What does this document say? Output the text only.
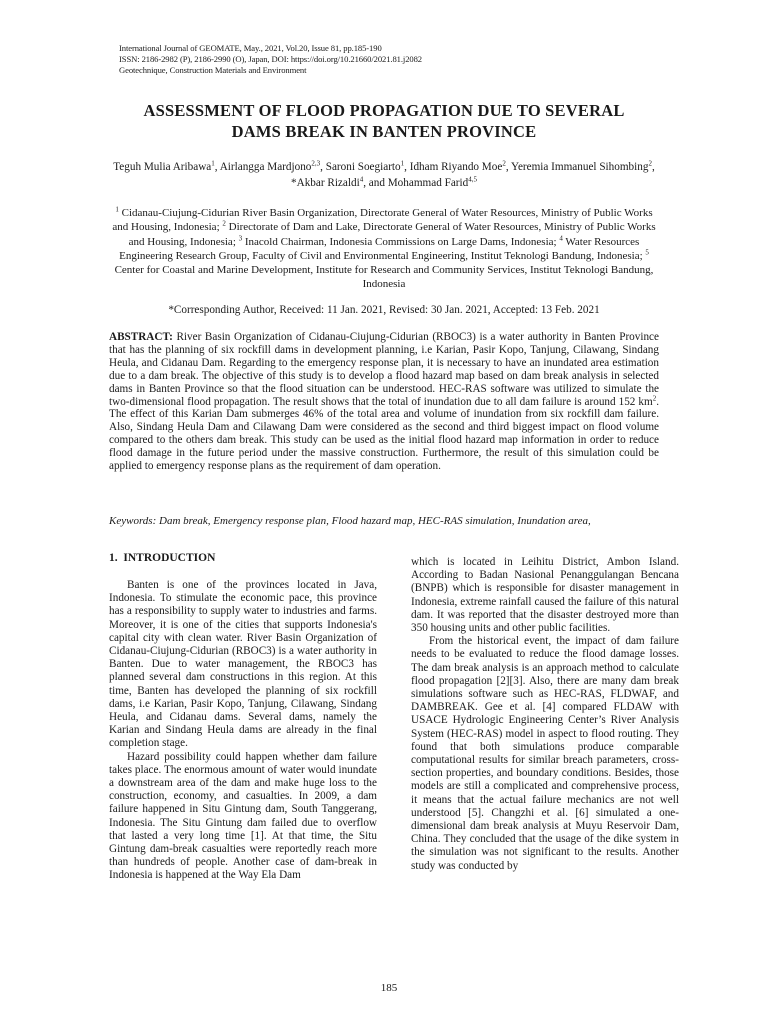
International Journal of GEOMATE, May., 2021, Vol.20, Issue 81, pp.185-190
ISSN: 2186-2982 (P), 2186-2990 (O), Japan, DOI: https://doi.org/10.21660/2021.81.j2082
Geotechnique, Construction Materials and Environment
ASSESSMENT OF FLOOD PROPAGATION DUE TO SEVERAL
DAMS BREAK IN BANTEN PROVINCE
Teguh Mulia Aribawa$^1$, Airlangga Mardjono$^{2,3}$, Saroni Soegiarto$^1$, Idham Riyando Moe$^2$, Yeremia Immanuel Sihombing$^2$, *Akbar Rizaldi$^4$, and Mohammad Farid$^{4,5}$
$^1$ Cidanau-Ciujung-Cidurian River Basin Organization, Directorate General of Water Resources, Ministry of Public Works and Housing, Indonesia; $^2$ Directorate of Dam and Lake, Directorate General of Water Resources, Ministry of Public Works and Housing, Indonesia; $^3$ Inacold Chairman, Indonesia Commissions on Large Dams, Indonesia; $^4$ Water Resources Engineering Research Group, Faculty of Civil and Environmental Engineering, Institut Teknologi Bandung, Indonesia; $^5$ Center for Coastal and Marine Development, Institute for Research and Community Services, Institut Teknologi Bandung, Indonesia
*Corresponding Author, Received: 11 Jan. 2021, Revised: 30 Jan. 2021, Accepted: 13 Feb. 2021
ABSTRACT: River Basin Organization of Cidanau-Ciujung-Cidurian (RBOC3) is a water authority in Banten Province that has the planning of six rockfill dams in development planning, i.e Karian, Pasir Kopo, Tanjung, Cilawang, Sindang Heula, and Cidanau Dam. Regarding to the emergency response plan, it is necessary to have an inundated area estimation due to a dam break. The objective of this study is to develop a flood hazard map based on dam break analysis in selected dams in Banten Province so that the flood situation can be understood. HEC-RAS software was utilized to simulate the two-dimensional flood propagation. The result shows that the total of inundation due to all dam failure is around 152 $km^2$. The effect of this Karian Dam submerges 46% of the total area and volume of inundation from six rockfill dam failure. Also, Sindang Heula Dam and Cilawang Dam were considered as the second and third biggest impact on flood volume compared to the others dam break. This study can be used as the initial flood hazard map information in order to reduce flood damage in the future period under the massive construction. Furthermore, the result of this simulation could be applied to emergency response plans as the requirement of dam operation.
Keywords: Dam break, Emergency response plan, Flood hazard map, HEC-RAS simulation, Inundation area,
1.  INTRODUCTION

Banten is one of the provinces located in Java, Indonesia. To stimulate the economic pace, this province has a responsibility to supply water to industries and farms. Moreover, it is one of the cities that supports Indonesia's capital city with clean water. River Basin Organization of Cidanau-Ciujung-Cidurian (RBOC3) is a water authority in Banten. Due to water management, the RBOC3 has planned several dam constructions in this region. At this time, Banten has developed the planning of six rockfill dams, i.e Karian, Pasir Kopo, Tanjung, Cilawang, Sindang Heula, and Cidanau dams. Several dams, namely the Karian and Sindang Heula dams are already in the final completion stage.

Hazard possibility could happen whether dam failure takes place. The enormous amount of water would inundate a downstream area of the dam and make huge loss to the construction, economy, and casualties. In 2009, a dam failure happened in Situ Gintung dam, South Tanggerang, Indonesia. The Situ Gintung dam failed due to overflow that lasted a very long time [1]. At that time, the Situ Gintung dam-break casualties were reportedly reach more than hundreds of people. Another case of dam-break in Indonesia is happened at the Way Ela Dam

which is located in Leihitu District, Ambon Island. According to Badan Nasional Penanggulangan Bencana (BNPB) which is responsible for disaster management in Indonesia, extreme rainfall caused the failure of this natural dam. It was reported that the disaster destroyed more than 350 housing units and other public facilities.

From the historical event, the impact of dam failure needs to be evaluated to reduce the flood damage losses. The dam break analysis is an approach method to calculate flood propagation [2][3]. Also, there are many dam break simulations software such as HEC-RAS, FLDWAF, and DAMBREAK. Gee et al. [4] compared FLDAW with USACE Hydrologic Engineering Center’s River Analysis System (HEC-RAS) model in aspect to flood routing. They found that both simulations produce comparable computational results for similar breach parameters, cross-section properties, and boundary conditions. Besides, those models are still a complicated and comprehensive process, it means that the actual failure mechanics are not well understood [5]. Changzhi et al. [6] simulated a one-dimensional dam break analysis at Muyu Reservoir Dam, China. They concluded that the usage of the dike system in the simulation was not significant to the results. Another study was conducted by

185
